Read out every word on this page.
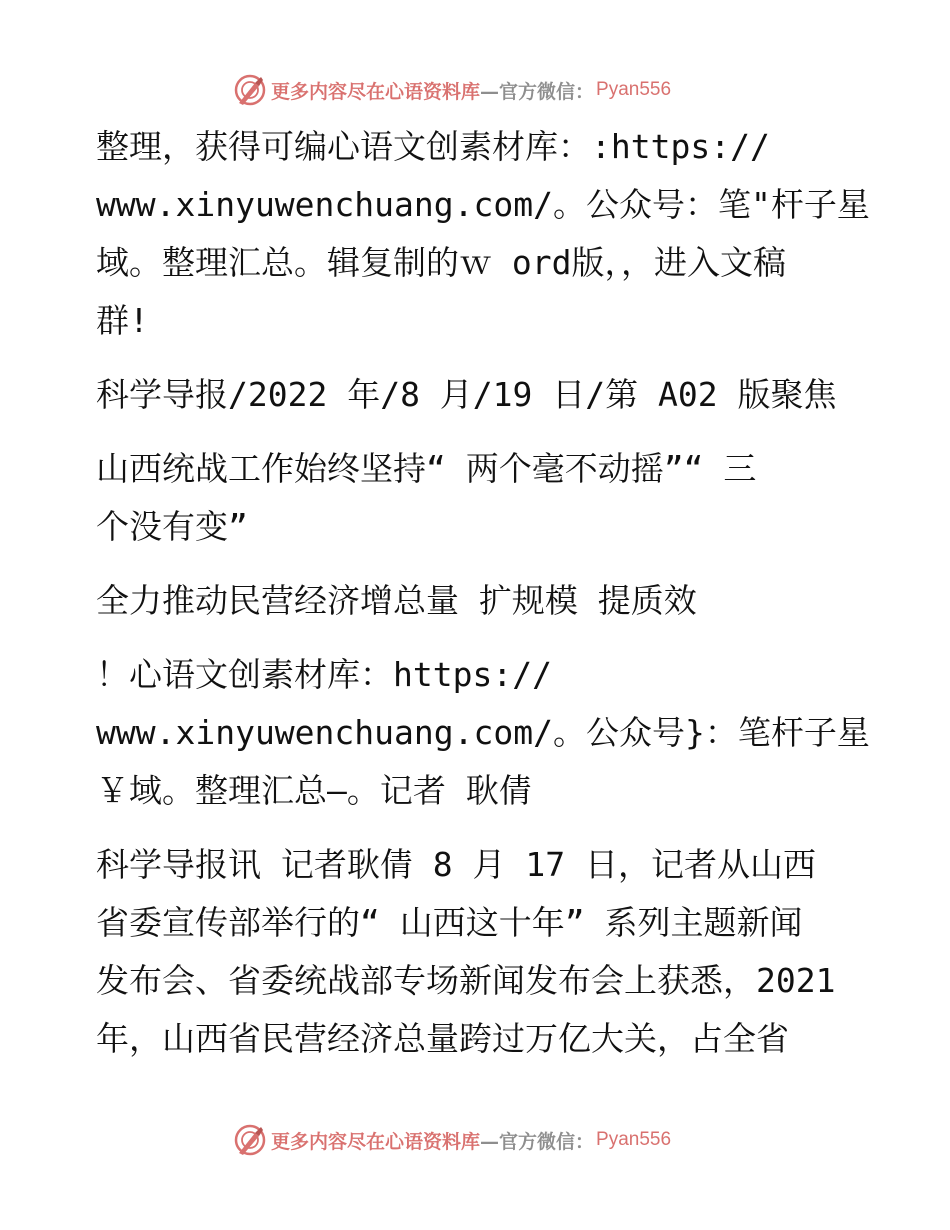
更多内容尽在心语资料库 —官方微信： Pyan556
整理，获得可编心语文创素材库：:https://
www.xinyuwenchuang.com/。公众号：笔"杆子星
域。整理汇总。辑复制的ｗ ord版，，进入文稿
群!
科学导报/2022 年/8 月/19 日/第 A02 版聚焦
山西统战工作始终坚持“ 两个毫不动摇”“ 三
个没有变”
全力推动民营经济增总量 扩规模 提质效
！心语文创素材库：https://
www.xinyuwenchuang.com/。公众号}：笔杆子星
￥域。整理汇总—。记者 耿倩
科学导报讯 记者耿倩 8 月 17 日，记者从山西
省委宣传部举行的“ 山西这十年” 系列主题新闻
发布会、省委统战部专场新闻发布会上获悉，2021
年，山西省民营经济总量跨过万亿大关，占全省
更多内容尽在心语资料库 —官方微信： Pyan556
